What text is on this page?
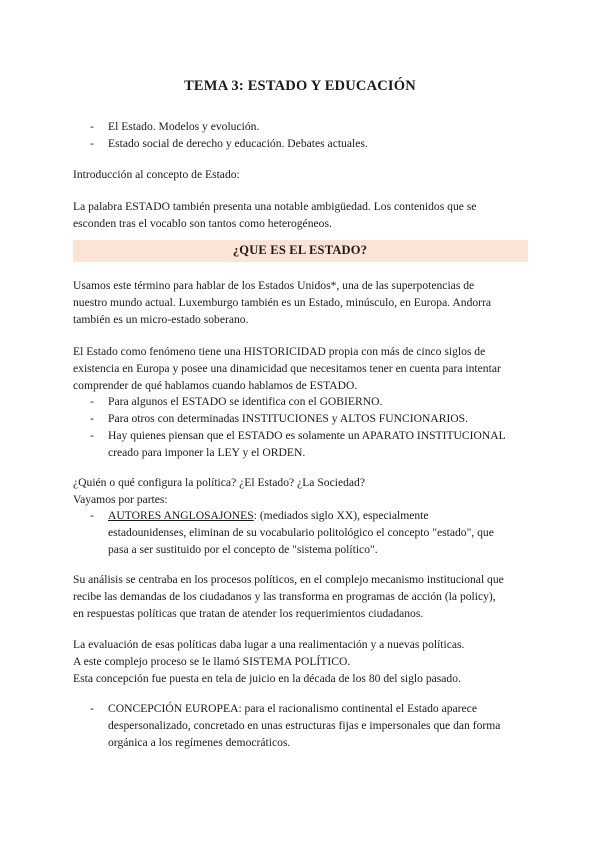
TEMA 3: ESTADO Y EDUCACIÓN
- El Estado. Modelos y evolución.
- Estado social de derecho y educación. Debates actuales.
Introducción al concepto de Estado:
La palabra ESTADO también presenta una notable ambigüedad. Los contenidos que se
esconden tras el vocablo son tantos como heterogéneos.
¿QUE ES EL ESTADO?
Usamos este término para hablar de los Estados Unidos*, una de las superpotencias de
nuestro mundo actual. Luxemburgo también es un Estado, minúsculo, en Europa. Andorra
también es un micro-estado soberano.
El Estado como fenómeno tiene una HISTORICIDAD propia con más de cinco siglos de
existencia en Europa y posee una dinamicidad que necesitamos tener en cuenta para intentar
comprender de qué hablamos cuando hablamos de ESTADO.
- Para algunos el ESTADO se identifica con el GOBIERNO.
- Para otros con determinadas INSTITUCIONES y ALTOS FUNCIONARIOS.
- Hay quienes piensan que el ESTADO es solamente un APARATO INSTITUCIONAL
creado para imponer la LEY y el ORDEN.
¿Quién o qué configura la política? ¿El Estado? ¿La Sociedad?
Vayamos por partes:
- AUTORES ANGLOSAJONES: (mediados siglo XX), especialmente
estadounidenses, eliminan de su vocabulario politológico el concepto "estado", que
pasa a ser sustituido por el concepto de "sistema político".
Su análisis se centraba en los procesos políticos, en el complejo mecanismo institucional que
recibe las demandas de los ciudadanos y las transforma en programas de acción (la policy),
en respuestas políticas que tratan de atender los requerimientos ciudadanos.
La evaluación de esas políticas daba lugar a una realimentación y a nuevas políticas.
A este complejo proceso se le llamó SISTEMA POLÍTICO.
Esta concepción fue puesta en tela de juicio en la década de los 80 del siglo pasado.
- CONCEPCIÓN EUROPEA: para el racionalismo continental el Estado aparece
despersonalizado, concretado en unas estructuras fijas e impersonales que dan forma
orgánica a los regímenes democráticos.
